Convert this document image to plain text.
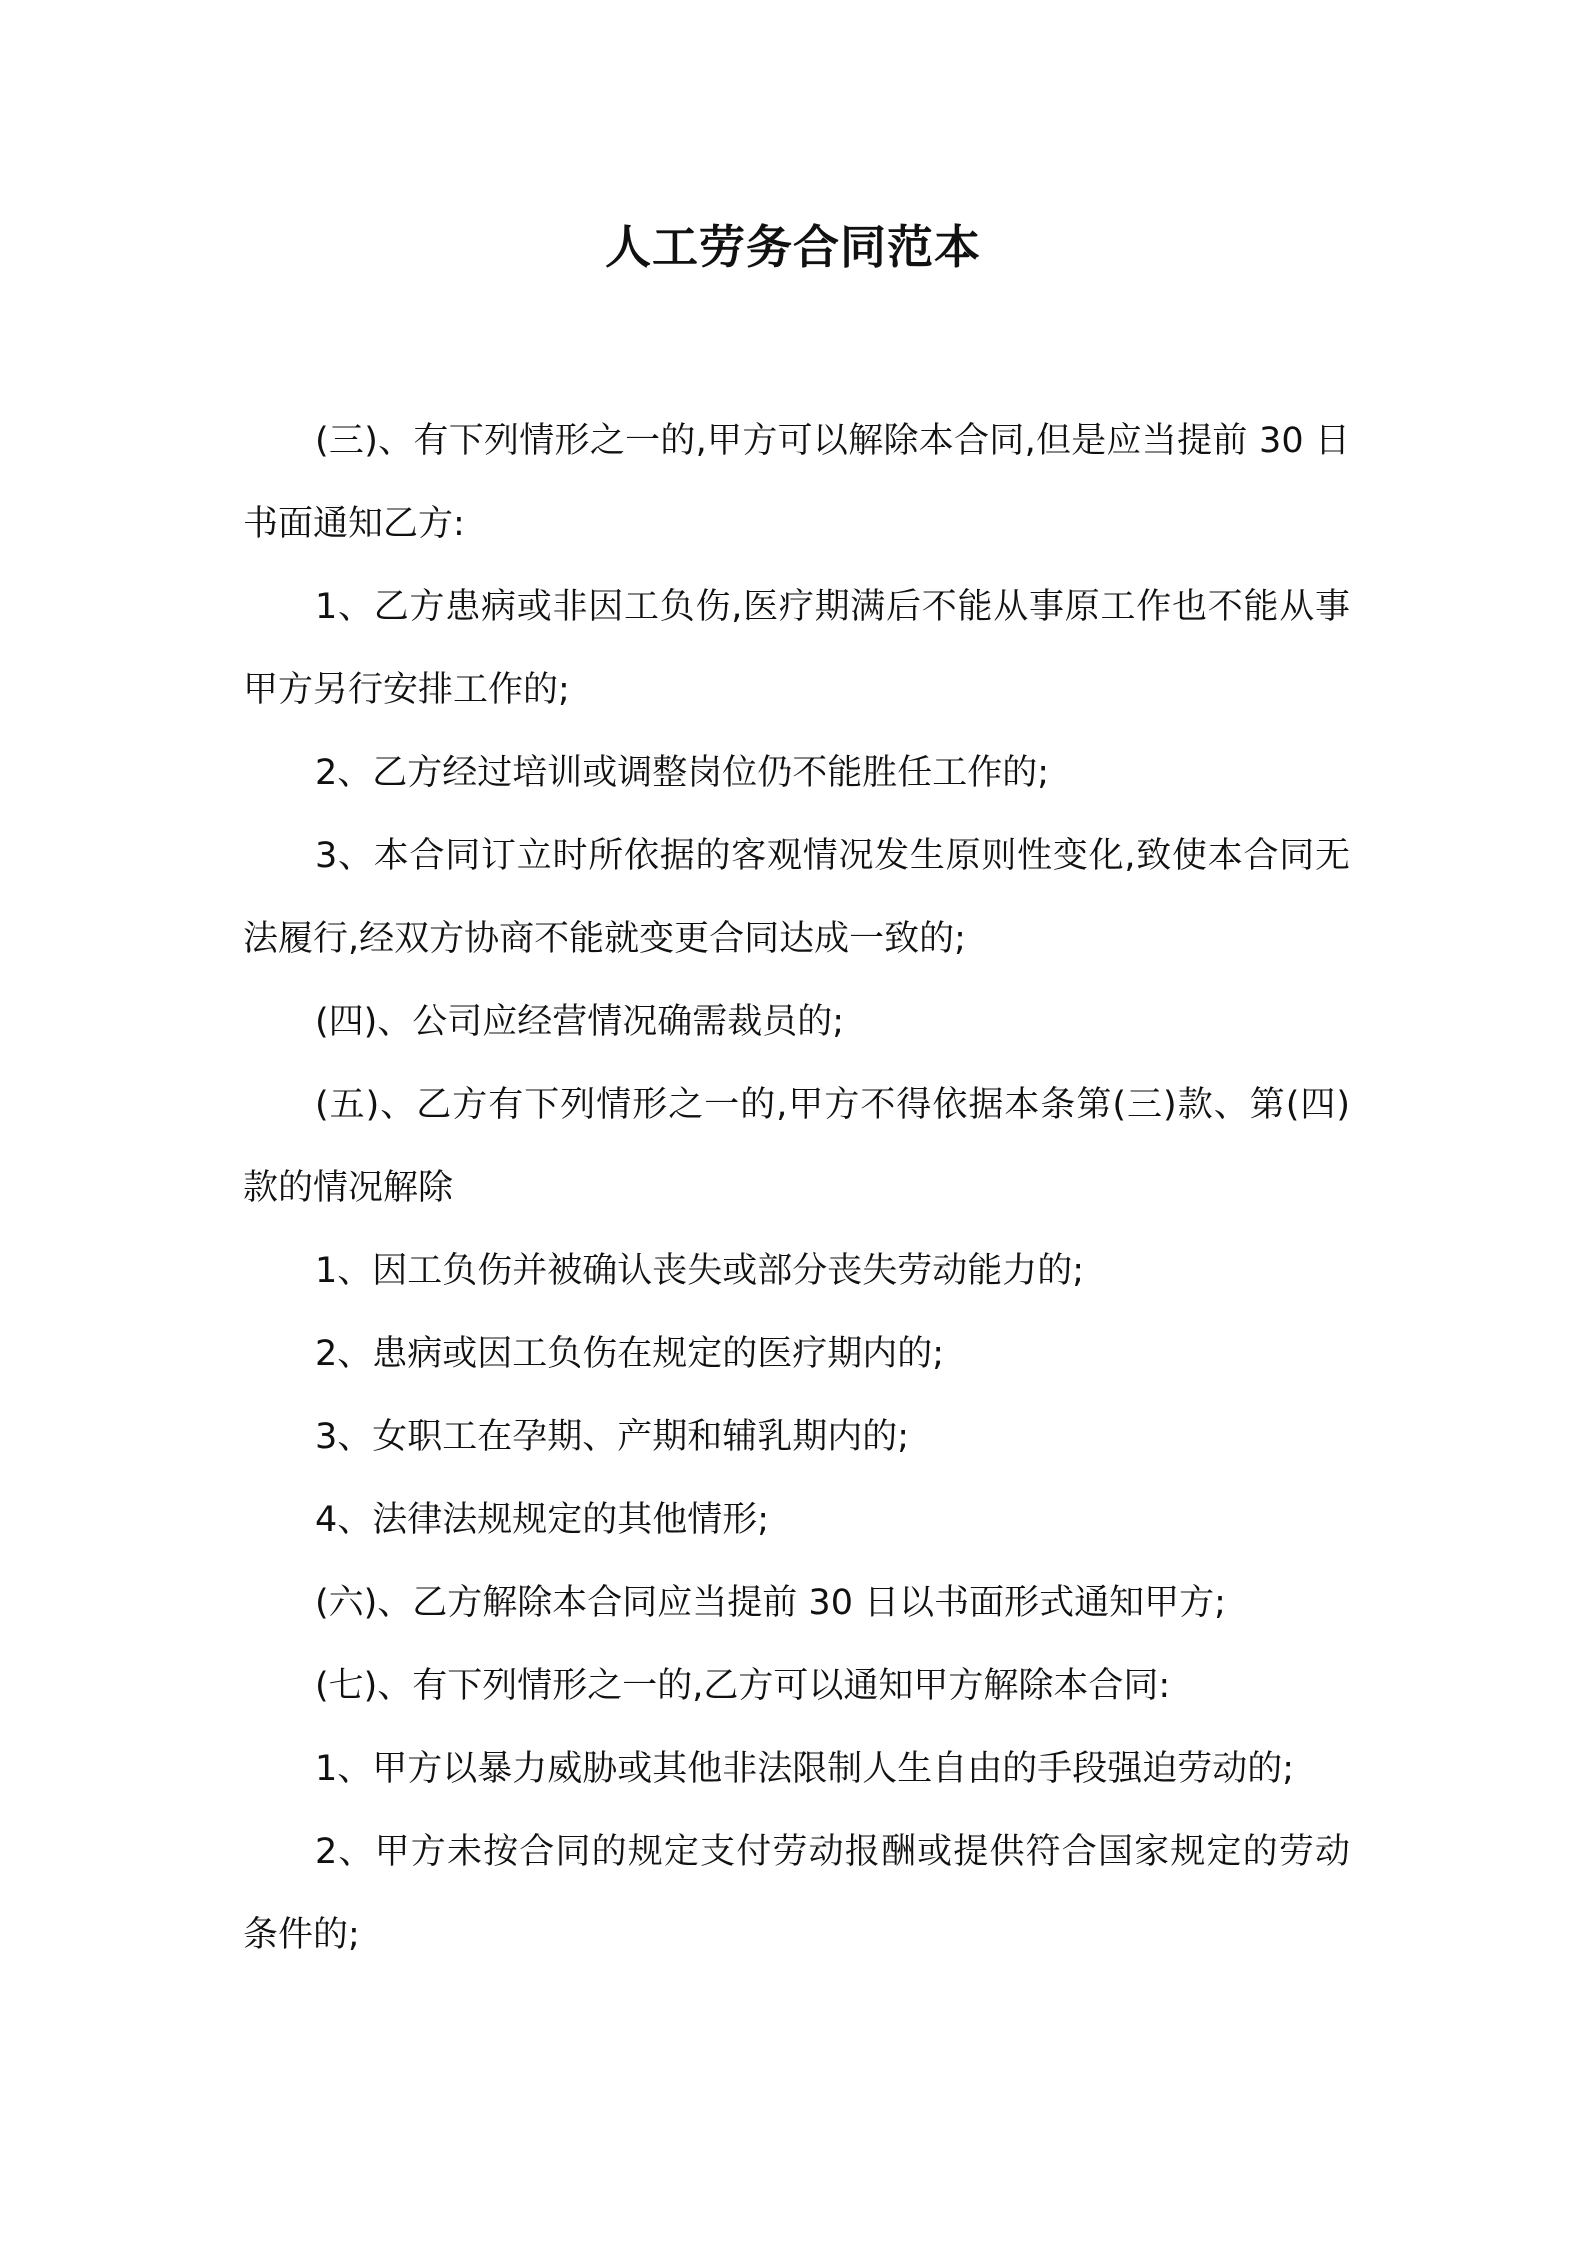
人工劳务合同范本

(三)、有下列情形之一的,甲方可以解除本合同,但是应当提前 30 日书面通知乙方:

1、乙方患病或非因工负伤,医疗期满后不能从事原工作也不能从事甲方另行安排工作的;

2、乙方经过培训或调整岗位仍不能胜任工作的;

3、本合同订立时所依据的客观情况发生原则性变化,致使本合同无法履行,经双方协商不能就变更合同达成一致的;

(四)、公司应经营情况确需裁员的;

(五)、乙方有下列情形之一的,甲方不得依据本条第(三)款、第(四)款的情况解除

1、因工负伤并被确认丧失或部分丧失劳动能力的;

2、患病或因工负伤在规定的医疗期内的;

3、女职工在孕期、产期和辅乳期内的;

4、法律法规规定的其他情形;

(六)、乙方解除本合同应当提前 30 日以书面形式通知甲方;

(七)、有下列情形之一的,乙方可以通知甲方解除本合同:

1、甲方以暴力威胁或其他非法限制人生自由的手段强迫劳动的;

2、甲方未按合同的规定支付劳动报酬或提供符合国家规定的劳动条件的;
